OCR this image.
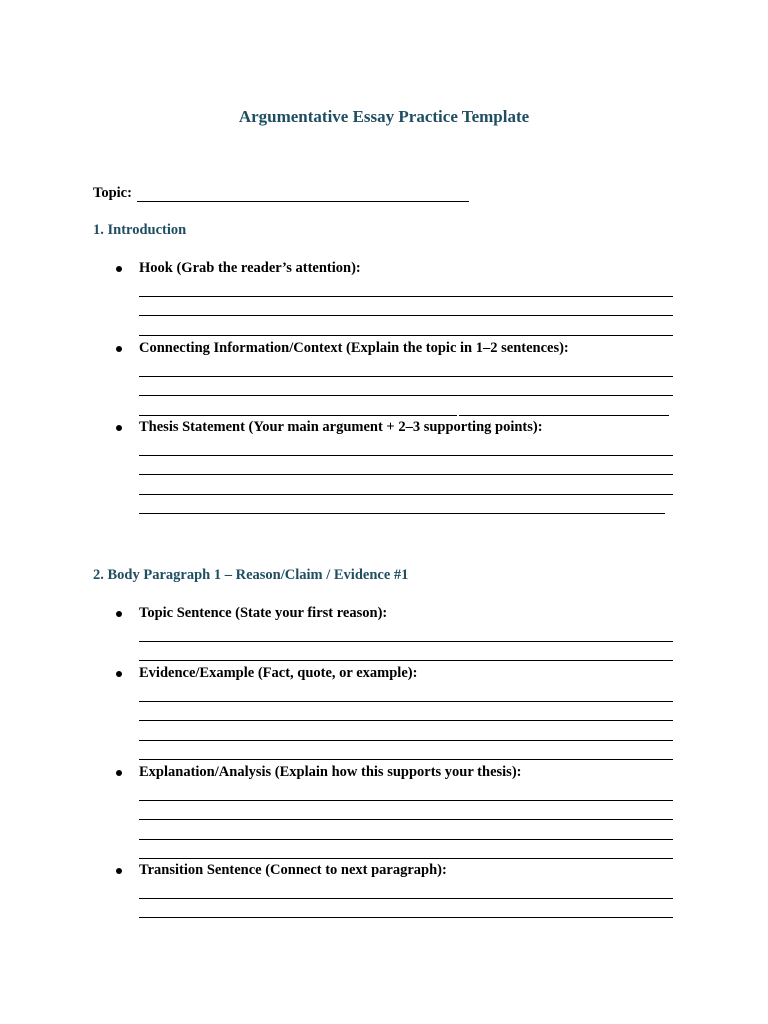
Argumentative Essay Practice Template
Topic:
1. Introduction
Hook (Grab the reader’s attention):
Connecting Information/Context (Explain the topic in 1–2 sentences):
Thesis Statement (Your main argument + 2–3 supporting points):
2. Body Paragraph 1 – Reason/Claim / Evidence #1
Topic Sentence (State your first reason):
Evidence/Example (Fact, quote, or example):
Explanation/Analysis (Explain how this supports your thesis):
Transition Sentence (Connect to next paragraph):
